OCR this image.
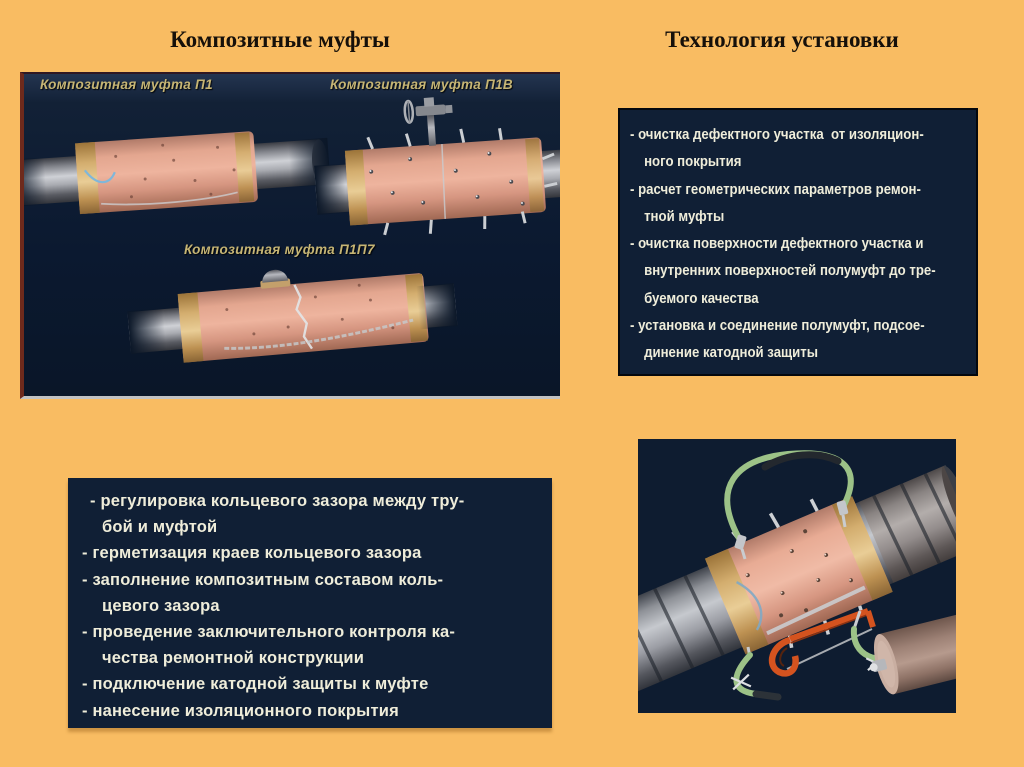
Композитные муфты	Технология установки
Композитная муфта П1	Композитная муфта П1В
Композитная муфта П1П7
- очистка дефектного участка  от изоляцион-
ного покрытия
- расчет геометрических параметров ремон-
тной муфты
- очистка поверхности дефектного участка и
внутренних поверхностей полумуфт до тре-
буемого качества
- установка и соединение полумуфт, подсое-
динение катодной защиты
- регулировка кольцевого зазора между тру-
бой и муфтой
- герметизация краев кольцевого зазора
- заполнение композитным составом коль-
цевого зазора
- проведение заключительного контроля ка-
чества ремонтной конструкции
- подключение катодной защиты к муфте
- нанесение изоляционного покрытия
